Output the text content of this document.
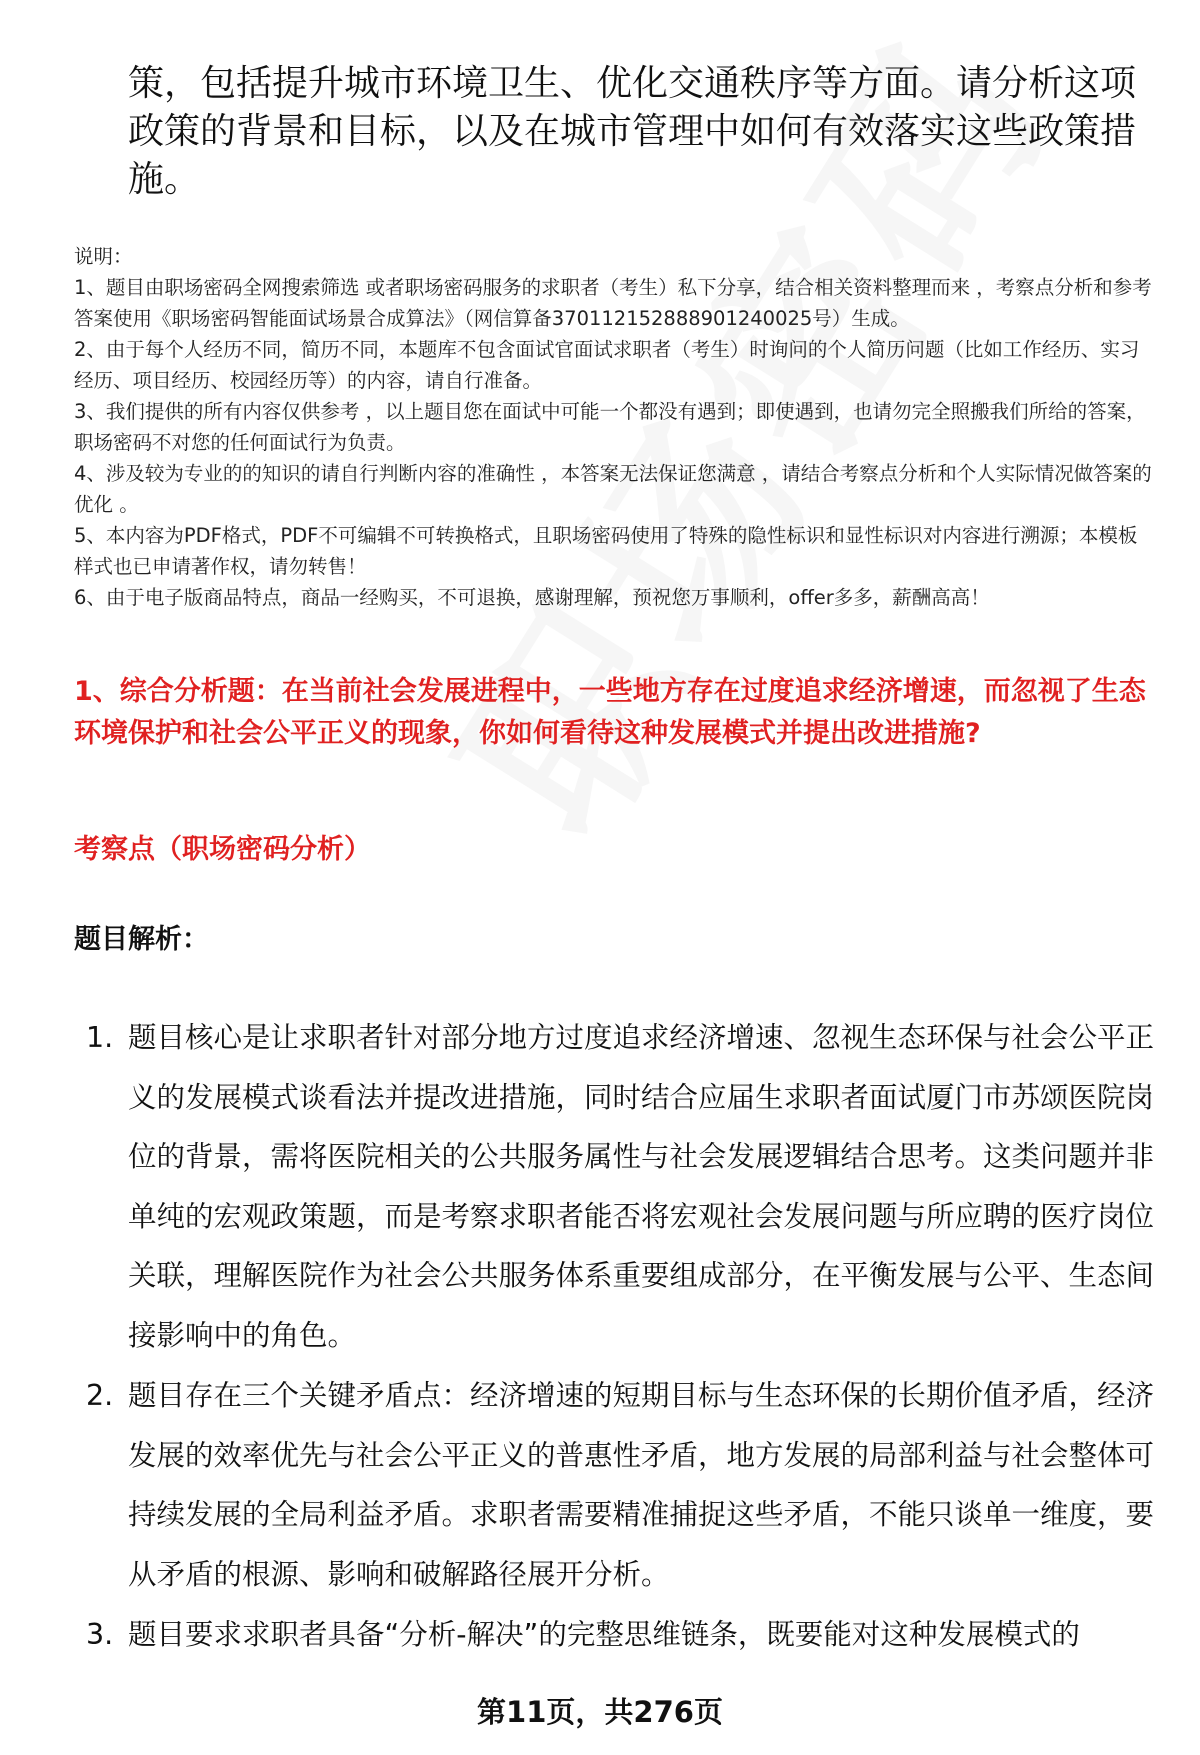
策，包括提升城市环境卫生、优化交通秩序等方面。请分析这项政策的背景和目标，以及在城市管理中如何有效落实这些政策措施。

说明：

1、题目由职场密码全网搜索筛选 或者职场密码服务的求职者（考生）私下分享，结合相关资料整理而来 ，考察点分析和参考答案使用《职场密码智能面试场景合成算法》（网信算备370112152888901240025号）生成。

2、由于每个人经历不同，简历不同，本题库不包含面试官面试求职者（考生）时询问的个人简历问题（比如工作经历、实习经历、项目经历、校园经历等）的内容，请自行准备。

3、我们提供的所有内容仅供参考 ，以上题目您在面试中可能一个都没有遇到；即使遇到，也请勿完全照搬我们所给的答案，职场密码不对您的任何面试行为负责。

4、涉及较为专业的的知识的请自行判断内容的准确性 ，本答案无法保证您满意 ，请结合考察点分析和个人实际情况做答案的优化 。

5、本内容为PDF格式，PDF不可编辑不可转换格式，且职场密码使用了特殊的隐性标识和显性标识对内容进行溯源；本模板样式也已申请著作权，请勿转售！

6、由于电子版商品特点，商品一经购买，不可退换，感谢理解，预祝您万事顺利，offer多多，薪酬高高！

1、综合分析题：在当前社会发展进程中，一些地方存在过度追求经济增速，而忽视了生态环境保护和社会公平正义的现象，你如何看待这种发展模式并提出改进措施?
考察点（职场密码分析）
题目解析：
1. 题目核心是让求职者针对部分地方过度追求经济增速、忽视生态环保与社会公平正义的发展模式谈看法并提改进措施，同时结合应届生求职者面试厦门市苏颂医院岗位的背景，需将医院相关的公共服务属性与社会发展逻辑结合思考。这类问题并非单纯的宏观政策题，而是考察求职者能否将宏观社会发展问题与所应聘的医疗岗位关联，理解医院作为社会公共服务体系重要组成部分，在平衡发展与公平、生态间接影响中的角色。
2. 题目存在三个关键矛盾点：经济增速的短期目标与生态环保的长期价值矛盾，经济发展的效率优先与社会公平正义的普惠性矛盾，地方发展的局部利益与社会整体可持续发展的全局利益矛盾。求职者需要精准捕捉这些矛盾，不能只谈单一维度，要从矛盾的根源、影响和破解路径展开分析。
3. 题目要求求职者具备“分析-解决”的完整思维链条，既要能对这种发展模式的
第11页，共276页
